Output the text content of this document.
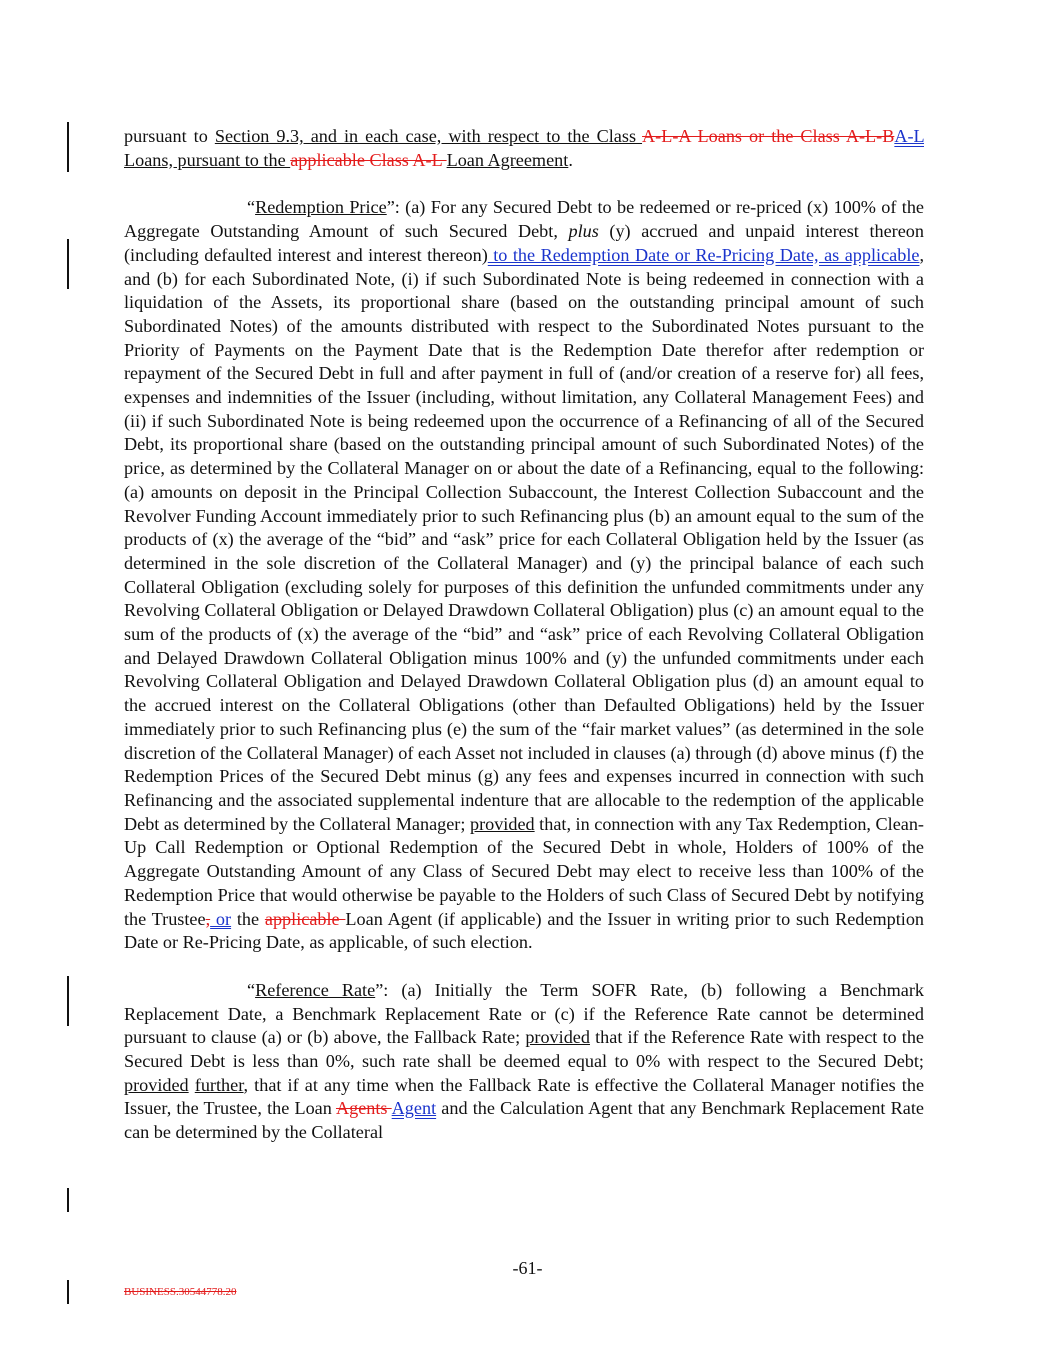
pursuant to Section 9.3, and in each case, with respect to the Class A-L-A Loans or the Class A-L-BA-L Loans, pursuant to the applicable Class A-L Loan Agreement.

“Redemption Price”: (a) For any Secured Debt to be redeemed or re-priced (x) 100% of the Aggregate Outstanding Amount of such Secured Debt, plus (y) accrued and unpaid interest thereon (including defaulted interest and interest thereon) to the Redemption Date or Re-Pricing Date, as applicable, and (b) for each Subordinated Note, (i) if such Subordinated Note is being redeemed in connection with a liquidation of the Assets, its proportional share (based on the outstanding principal amount of such Subordinated Notes) of the amounts distributed with respect to the Subordinated Notes pursuant to the Priority of Payments on the Payment Date that is the Redemption Date therefor after redemption or repayment of the Secured Debt in full and after payment in full of (and/or creation of a reserve for) all fees, expenses and indemnities of the Issuer (including, without limitation, any Collateral Management Fees) and (ii) if such Subordinated Note is being redeemed upon the occurrence of a Refinancing of all of the Secured Debt, its proportional share (based on the outstanding principal amount of such Subordinated Notes) of the price, as determined by the Collateral Manager on or about the date of a Refinancing, equal to the following: (a) amounts on deposit in the Principal Collection Subaccount, the Interest Collection Subaccount and the Revolver Funding Account immediately prior to such Refinancing plus (b) an amount equal to the sum of the products of (x) the average of the “bid” and “ask” price for each Collateral Obligation held by the Issuer (as determined in the sole discretion of the Collateral Manager) and (y) the principal balance of each such Collateral Obligation (excluding solely for purposes of this definition the unfunded commitments under any Revolving Collateral Obligation or Delayed Drawdown Collateral Obligation) plus (c) an amount equal to the sum of the products of (x) the average of the “bid” and “ask” price of each Revolving Collateral Obligation and Delayed Drawdown Collateral Obligation minus 100% and (y) the unfunded commitments under each Revolving Collateral Obligation and Delayed Drawdown Collateral Obligation plus (d) an amount equal to the accrued interest on the Collateral Obligations (other than Defaulted Obligations) held by the Issuer immediately prior to such Refinancing plus (e) the sum of the “fair market values” (as determined in the sole discretion of the Collateral Manager) of each Asset not included in clauses (a) through (d) above minus (f) the Redemption Prices of the Secured Debt minus (g) any fees and expenses incurred in connection with such Refinancing and the associated supplemental indenture that are allocable to the redemption of the applicable Debt as determined by the Collateral Manager; provided that, in connection with any Tax Redemption, Clean-Up Call Redemption or Optional Redemption of the Secured Debt in whole, Holders of 100% of the Aggregate Outstanding Amount of any Class of Secured Debt may elect to receive less than 100% of the Redemption Price that would otherwise be payable to the Holders of such Class of Secured Debt by notifying the Trustee, or the applicable Loan Agent (if applicable) and the Issuer in writing prior to such Redemption Date or Re-Pricing Date, as applicable, of such election.

“Reference Rate”: (a) Initially the Term SOFR Rate, (b) following a Benchmark Replacement Date, a Benchmark Replacement Rate or (c) if the Reference Rate cannot be determined pursuant to clause (a) or (b) above, the Fallback Rate; provided that if the Reference Rate with respect to the Secured Debt is less than 0%, such rate shall be deemed equal to 0% with respect to the Secured Debt; provided further, that if at any time when the Fallback Rate is effective the Collateral Manager notifies the Issuer, the Trustee, the Loan Agents Agent and the Calculation Agent that any Benchmark Replacement Rate can be determined by the Collateral

-61-
BUSINESS.30544778.20
